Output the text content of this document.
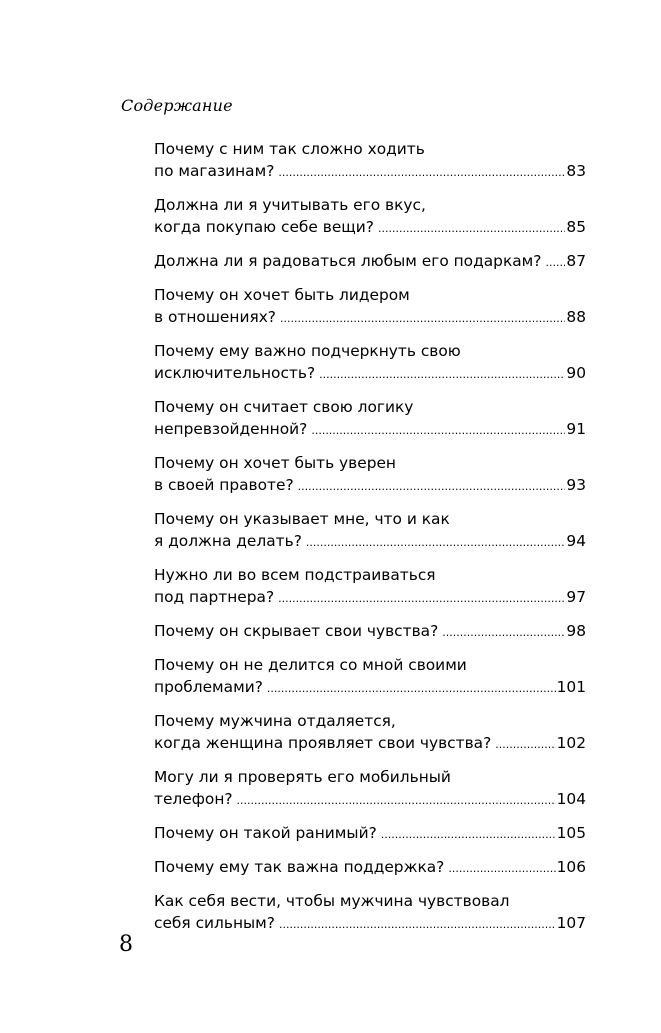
Содержание
Почему с ним так сложно ходить
по магазинам? .....	83
Должна ли я учитывать его вкус,
когда покупаю себе вещи? .....	85
Должна ли я радоваться любым его подаркам? ..... 87
Почему он хочет быть лидером
в отношениях? .....	88
Почему ему важно подчеркнуть свою
исключительность? .....	90
Почему он считает свою логику
непревзойденной? .....	91
Почему он хочет быть уверен
в своей правоте? .....	93
Почему он указывает мне, что и как
я должна делать? .....	94
Нужно ли во всем подстраиваться
под партнера? .....	97
Почему он скрывает свои чувства? .....	98
Почему он не делится со мной своими
проблемами? .....	101
Почему мужчина отдаляется,
когда женщина проявляет свои чувства? .....	102
Могу ли я проверять его мобильный
телефон? .....	104
Почему он такой ранимый? .....	105
Почему ему так важна поддержка? .....	106
Как себя вести, чтобы мужчина чувствовал
себя сильным? .....	107
8
